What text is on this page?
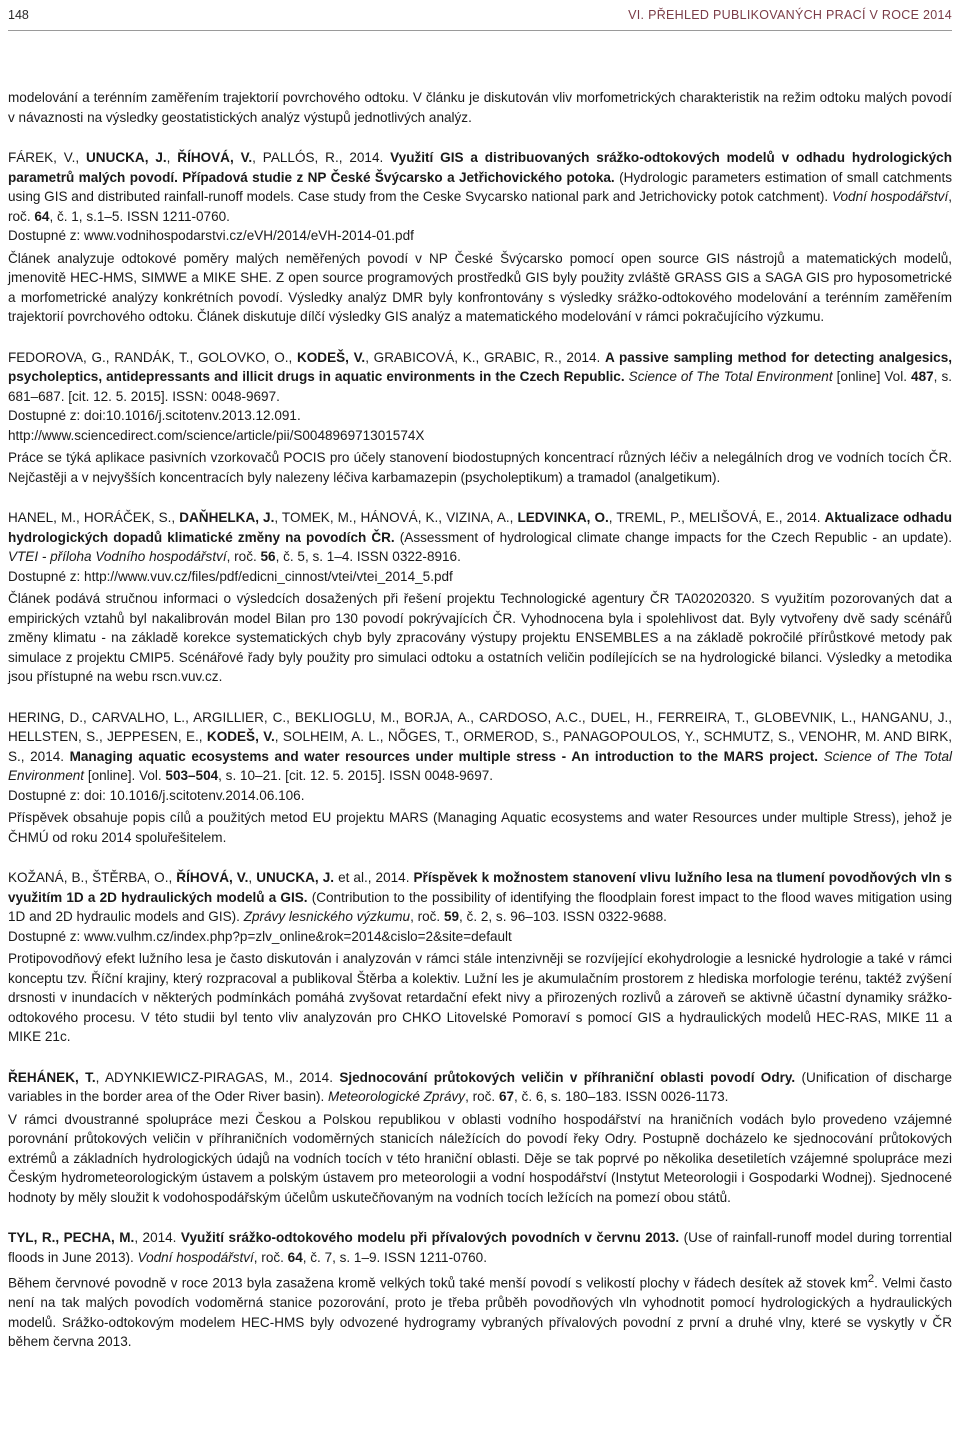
148	VI. PŘEHLED PUBLIKOVANÝCH PRACÍ V ROCE 2014

modelování a terénním zaměřením trajektorií povrchového odtoku. V článku je diskutován vliv morfometrických charakteristik na režim odtoku malých povodí v návaznosti na výsledky geostatistických analýz výstupů jednotlivých analýz.

FÁREK, V., UNUCKA, J., ŘÍHOVÁ, V., PALLÓS, R., 2014. Využití GIS a distribuovaných srážko-odtokových modelů v odhadu hydrologických parametrů malých povodí. Případová studie z NP České Švýcarsko a Jetřichovického potoka. (Hydrologic parameters estimation of small catchments using GIS and distributed rainfall-runoff models. Case study from the Ceske Svycarsko national park and Jetrichovicky potok catchment). Vodní hospodářství, roč. 64, č. 1, s.1–5. ISSN 1211-0760.
Dostupné z: www.vodnihospodarstvi.cz/eVH/2014/eVH-2014-01.pdf

Článek analyzuje odtokové poměry malých neměřených povodí v NP České Švýcarsko pomocí open source GIS nástrojů a matematických modelů, jmenovitě HEC-HMS, SIMWE a MIKE SHE. Z open source programových prostředků GIS byly použity zvláště GRASS GIS a SAGA GIS pro hyposometrické a morfometrické analýzy konkrétních povodí. Výsledky analýz DMR byly konfrontovány s výsledky srážko-odtokového modelování a terénním zaměřením trajektorií povrchového odtoku. Článek diskutuje dílčí výsledky GIS analýz a matematického modelování v rámci pokračujícího výzkumu.

FEDOROVA, G., RANDÁK, T., GOLOVKO, O., KODEŠ, V., GRABICOVÁ, K., GRABIC, R., 2014. A passive sampling method for detecting analgesics, psycholeptics, antidepressants and illicit drugs in aquatic environments in the Czech Republic. Science of The Total Environment [online] Vol. 487, s. 681–687. [cit. 12. 5. 2015]. ISSN: 0048-9697.
Dostupné z: doi:10.1016/j.scitotenv.2013.12.091.
http://www.sciencedirect.com/science/article/pii/S004896971301574X

Práce se týká aplikace pasivních vzorkovačů POCIS pro účely stanovení biodostupných koncentrací různých léčiv a nelegálních drog ve vodních tocích ČR. Nejčastěji a v nejvyšších koncentracích byly nalezeny léčiva karbamazepin (psycholeptikum) a tramadol (analgetikum).

HANEL, M., HORÁČEK, S., DAŇHELKA, J., TOMEK, M., HÁNOVÁ, K., VIZINA, A., LEDVINKA, O., TREML, P., MELIŠOVÁ, E., 2014. Aktualizace odhadu hydrologických dopadů klimatické změny na povodích ČR. (Assessment of hydrological climate change impacts for the Czech Republic - an update). VTEI - příloha Vodního hospodářství, roč. 56, č. 5, s. 1–4. ISSN 0322-8916.
Dostupné z: http://www.vuv.cz/files/pdf/edicni_cinnost/vtei/vtei_2014_5.pdf

Článek podává stručnou informaci o výsledcích dosažených při řešení projektu Technologické agentury ČR TA02020320. S využitím pozorovaných dat a empirických vztahů byl nakalibrován model Bilan pro 130 povodí pokrývajících ČR. Vyhodnocena byla i spolehlivost dat. Byly vytvořeny dvě sady scénářů změny klimatu - na základě korekce systematických chyb byly zpracovány výstupy projektu ENSEMBLES a na základě pokročilé přírůstkové metody pak simulace z projektu CMIP5. Scénářové řady byly použity pro simulaci odtoku a ostatních veličin podílejících se na hydrologické bilanci. Výsledky a metodika jsou přístupné na webu rscn.vuv.cz.

HERING, D., CARVALHO, L., ARGILLIER, C., BEKLIOGLU, M., BORJA, A., CARDOSO, A.C., DUEL, H., FERREIRA, T., GLOBEVNIK, L., HANGANU, J., HELLSTEN, S., JEPPESEN, E., KODEŠ, V., SOLHEIM, A. L., NÕGES, T., ORMEROD, S., PANAGOPOULOS, Y., SCHMUTZ, S., VENOHR, M. AND BIRK, S., 2014. Managing aquatic ecosystems and water resources under multiple stress - An introduction to the MARS project. Science of The Total Environment [online]. Vol. 503–504, s. 10–21. [cit. 12. 5. 2015]. ISSN 0048-9697.
Dostupné z: doi: 10.1016/j.scitotenv.2014.06.106.

Příspěvek obsahuje popis cílů a použitých metod EU projektu MARS (Managing Aquatic ecosystems and water Resources under multiple Stress), jehož je ČHMÚ od roku 2014 spoluřešitelem.

KOŽANÁ, B., ŠTĚRBA, O., ŘÍHOVÁ, V., UNUCKA, J. et al., 2014. Příspěvek k možnostem stanovení vlivu lužního lesa na tlumení povodňových vln s využitím 1D a 2D hydraulických modelů a GIS. (Contribution to the possibility of identifying the floodplain forest impact to the flood waves mitigation using 1D and 2D hydraulic models and GIS). Zprávy lesnického výzkumu, roč. 59, č. 2, s. 96–103. ISSN 0322-9688.
Dostupné z: www.vulhm.cz/index.php?p=zlv_online&rok=2014&cislo=2&site=default

Protipovodňový efekt lužního lesa je často diskutován i analyzován v rámci stále intenzivněji se rozvíjející ekohydrologie a lesnické hydrologie a také v rámci konceptu tzv. Říční krajiny, který rozpracoval a publikoval Štěrba a kolektiv. Lužní les je akumulačním prostorem z hlediska morfologie terénu, taktéž zvýšení drsnosti v inundacích v některých podmínkách pomáhá zvyšovat retardační efekt nivy a přirozených rozlivů a zároveň se aktivně účastní dynamiky srážko-odtokového procesu. V této studii byl tento vliv analyzován pro CHKO Litovelské Pomoraví s pomocí GIS a hydraulických modelů HEC-RAS, MIKE 11 a MIKE 21c.

ŘEHÁNEK, T., ADYNKIEWICZ-PIRAGAS, M., 2014. Sjednocování průtokových veličin v příhraniční oblasti povodí Odry. (Unification of discharge variables in the border area of the Oder River basin). Meteorologické Zprávy, roč. 67, č. 6, s. 180–183. ISSN 0026-1173.

V rámci dvoustranné spolupráce mezi Českou a Polskou republikou v oblasti vodního hospodářství na hraničních vodách bylo provedeno vzájemné porovnání průtokových veličin v příhraničních vodoměrných stanicích náležících do povodí řeky Odry. Postupně docházelo ke sjednocování průtokových extrémů a základních hydrologických údajů na vodních tocích v této hraniční oblasti. Děje se tak poprvé po několika desetiletích vzájemné spolupráce mezi Českým hydrometeorologickým ústavem a polským ústavem pro meteorologii a vodní hospodářství (Instytut Meteorologii i Gospodarki Wodnej). Sjednocené hodnoty by měly sloužit k vodohospodářským účelům uskutečňovaným na vodních tocích ležících na pomezí obou států.

TYL, R., PECHA, M., 2014. Využití srážko-odtokového modelu při přívalových povodních v červnu 2013. (Use of rainfall-runoff model during torrential floods in June 2013). Vodní hospodářství, roč. 64, č. 7, s. 1–9. ISSN 1211-0760.

Během červnové povodně v roce 2013 byla zasažena kromě velkých toků také menší povodí s velikostí plochy v řádech desítek až stovek $km^2$. Velmi často není na tak malých povodích vodoměrná stanice pozorování, proto je třeba průběh povodňových vln vyhodnotit pomocí hydrologických a hydraulických modelů. Srážko-odtokovým modelem HEC-HMS byly odvozené hydrogramy vybraných přívalových povodní z první a druhé vlny, které se vyskytly v ČR během června 2013.
